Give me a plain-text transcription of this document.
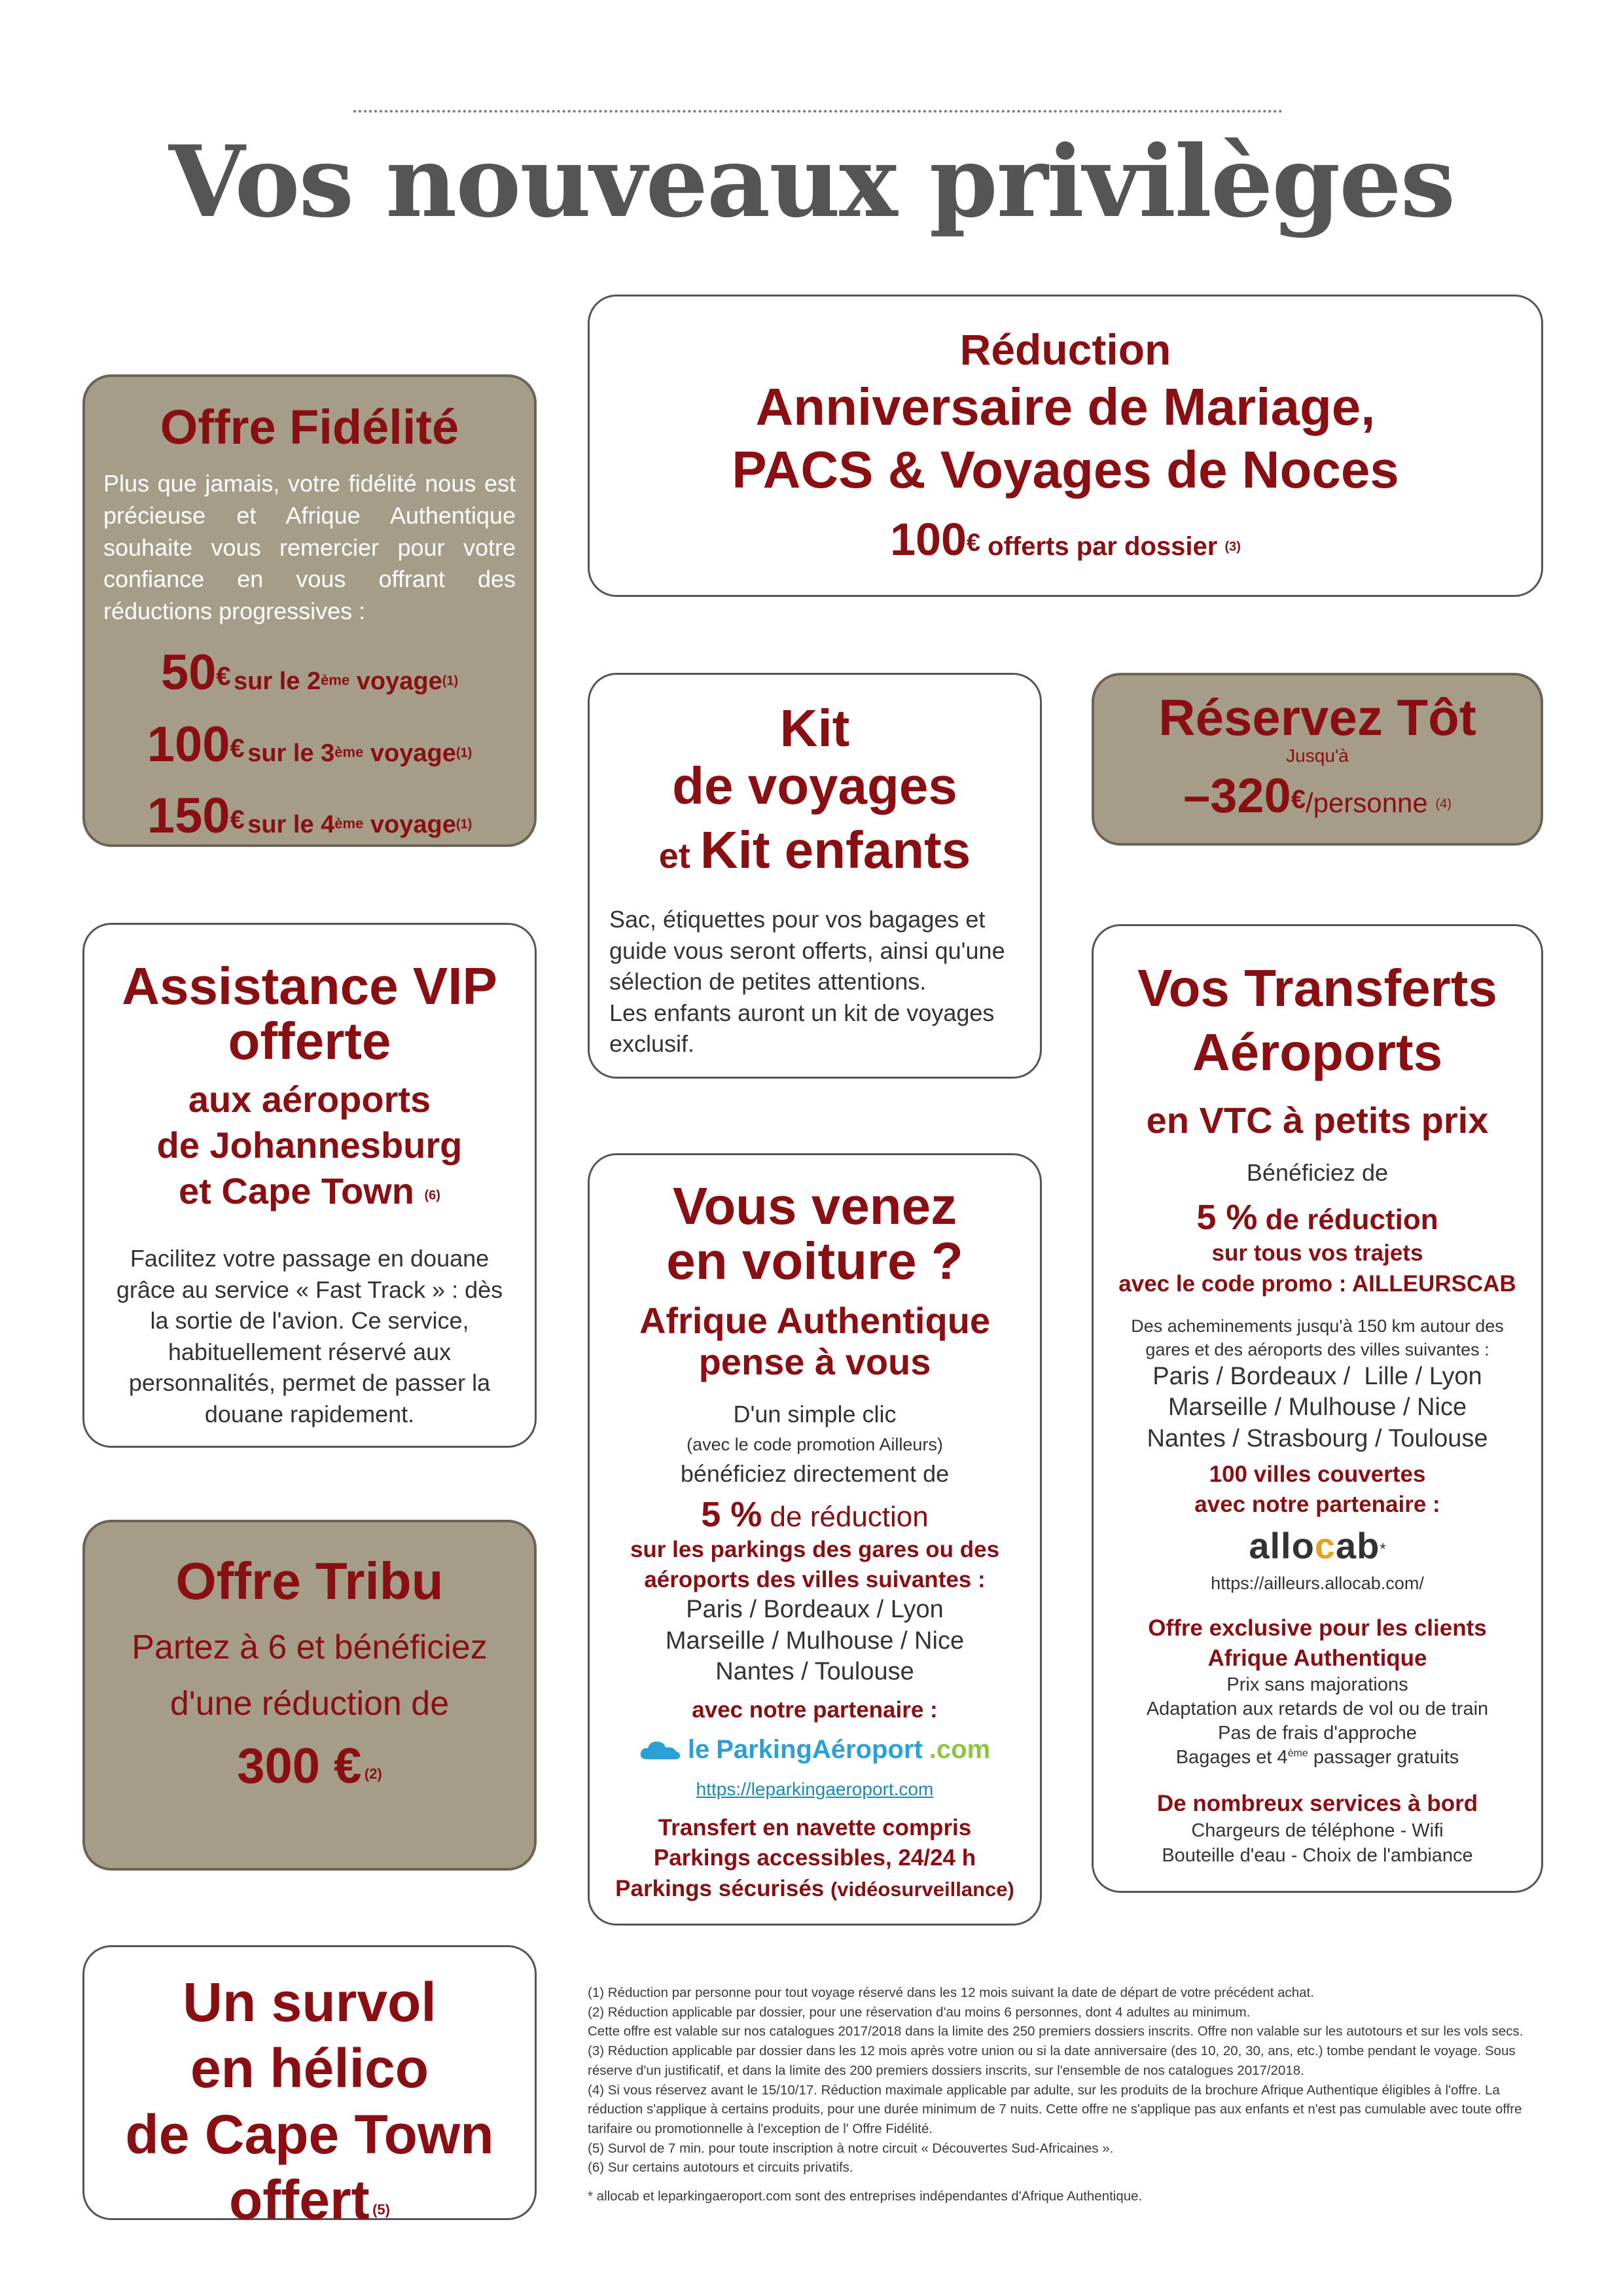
Vos nouveaux privilèges
Offre Fidélité
Plus que jamais, votre fidélité nous est précieuse et Afrique Authentique souhaite vous remercier pour votre confiance en vous offrant des réductions progressives :
50€ sur le 2ème voyage$^{(1)}$
100€ sur le 3ème voyage$^{(1)}$
150€ sur le 4ème voyage$^{(1)}$
Réduction
Anniversaire de Mariage,
PACS & Voyages de Noces
100€ offerts par dossier $^{(3)}$
Kit
de voyages
et Kit enfants
Sac, étiquettes pour vos bagages et guide vous seront offerts, ainsi qu'une sélection de petites attentions.
Les enfants auront un kit de voyages exclusif.
Réservez Tôt
Jusqu'à
–320€/personne $^{(4)}$
Assistance VIP
offerte
aux aéroports
de Johannesburg
et Cape Town $^{(6)}$
Facilitez votre passage en douane grâce au service « Fast Track » : dès la sortie de l'avion. Ce service, habituellement réservé aux personnalités, permet de passer la douane rapidement.
Vos Transferts
Aéroports
en VTC à petits prix
Bénéficiez de
5 % de réduction
sur tous vos trajets
avec le code promo : AILLEURSCAB
Des acheminements jusqu'à 150 km autour des gares et des aéroports des villes suivantes :
Paris / Bordeaux /  Lille / Lyon
Marseille / Mulhouse / Nice
Nantes / Strasbourg / Toulouse
100 villes couvertes
avec notre partenaire :
allocab*
https://ailleurs.allocab.com/
Offre exclusive pour les clients
Afrique Authentique
Prix sans majorations
Adaptation aux retards de vol ou de train
Pas de frais d'approche
Bagages et 4ème passager gratuits
De nombreux services à bord
Chargeurs de téléphone - Wifi
Bouteille d'eau - Choix de l'ambiance
Vous venez
en voiture ?
Afrique Authentique
pense à vous
D'un simple clic
(avec le code promotion Ailleurs)
bénéficiez directement de
5 % de réduction
sur les parkings des gares ou des
aéroports des villes suivantes :
Paris / Bordeaux / Lyon
Marseille / Mulhouse / Nice
Nantes / Toulouse
avec notre partenaire :
le ParkingAéroport .com
https://leparkingaeroport.com
Transfert en navette compris
Parkings accessibles, 24/24 h
Parkings sécurisés (vidéosurveillance)
Offre Tribu
Partez à 6 et bénéficiez
d'une réduction de
300 € $^{(2)}$
Un survol
en hélico
de Cape Town
offert $^{(5)}$
(1) Réduction par personne pour tout voyage réservé dans les 12 mois suivant la date de départ de votre précédent achat.
(2) Réduction applicable par dossier, pour une réservation d'au moins 6 personnes, dont 4 adultes au minimum.
Cette offre est valable sur nos catalogues 2017/2018 dans la limite des 250 premiers dossiers inscrits. Offre non valable sur les autotours et sur les vols secs.
(3) Réduction applicable par dossier dans les 12 mois après votre union ou si la date anniversaire (des 10, 20, 30, ans, etc.) tombe pendant le voyage. Sous réserve d'un justificatif, et dans la limite des 200 premiers dossiers inscrits, sur l'ensemble de nos catalogues 2017/2018.
(4) Si vous réservez avant le 15/10/17. Réduction maximale applicable par adulte, sur les produits de la brochure Afrique Authentique éligibles à l'offre. La réduction s'applique à certains produits, pour une durée minimum de 7 nuits. Cette offre ne s'applique pas aux enfants et n'est pas cumulable avec toute offre tarifaire ou promotionnelle à l'exception de l' Offre Fidélité.
(5) Survol de 7 min. pour toute inscription à notre circuit « Découvertes Sud-Africaines ».
(6) Sur certains autotours et circuits privatifs.
* allocab et leparkingaeroport.com sont des entreprises indépendantes d'Afrique Authentique.
